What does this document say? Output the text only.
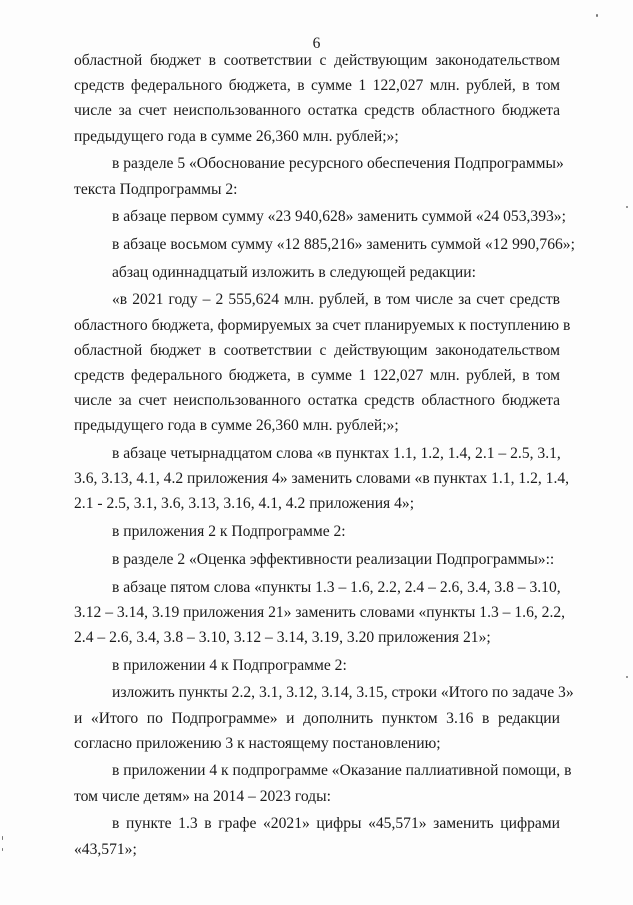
6
областной бюджет в соответствии с действующим законодательством
средств федерального бюджета, в сумме 1 122,027 млн. рублей, в том
числе за счет неиспользованного остатка средств областного бюджета
предыдущего года в сумме 26,360 млн. рублей;»;
в разделе 5 «Обоснование ресурсного обеспечения Подпрограммы»
текста Подпрограммы 2:
в абзаце первом сумму «23 940,628» заменить суммой «24 053,393»;
в абзаце восьмом сумму «12 885,216» заменить суммой «12 990,766»;
абзац одиннадцатый изложить в следующей редакции:
«в 2021 году – 2 555,624 млн. рублей, в том числе за счет средств
областного бюджета, формируемых за счет планируемых к поступлению в
областной бюджет в соответствии с действующим законодательством
средств федерального бюджета, в сумме 1 122,027 млн. рублей, в том
числе за счет неиспользованного остатка средств областного бюджета
предыдущего года в сумме 26,360 млн. рублей;»;
в абзаце четырнадцатом слова «в пунктах 1.1, 1.2, 1.4, 2.1 – 2.5, 3.1,
3.6, 3.13, 4.1, 4.2 приложения 4» заменить словами «в пунктах 1.1, 1.2, 1.4,
2.1 - 2.5, 3.1, 3.6, 3.13, 3.16, 4.1, 4.2 приложения 4»;
в приложения 2 к Подпрограмме 2:
в разделе 2 «Оценка эффективности реализации Подпрограммы»::
в абзаце пятом слова «пункты 1.3 – 1.6, 2.2, 2.4 – 2.6, 3.4, 3.8 – 3.10,
3.12 – 3.14, 3.19 приложения 21» заменить словами «пункты 1.3 – 1.6, 2.2,
2.4 – 2.6, 3.4, 3.8 – 3.10, 3.12 – 3.14, 3.19, 3.20 приложения 21»;
в приложении 4 к Подпрограмме 2:
изложить пункты 2.2, 3.1, 3.12, 3.14, 3.15, строки «Итого по задаче 3»
и «Итого по Подпрограмме» и дополнить пунктом 3.16 в редакции
согласно приложению 3 к настоящему постановлению;
в приложении 4 к подпрограмме «Оказание паллиативной помощи, в
том числе детям» на 2014 – 2023 годы:
в пункте 1.3 в графе «2021» цифры «45,571» заменить цифрами
«43,571»;
